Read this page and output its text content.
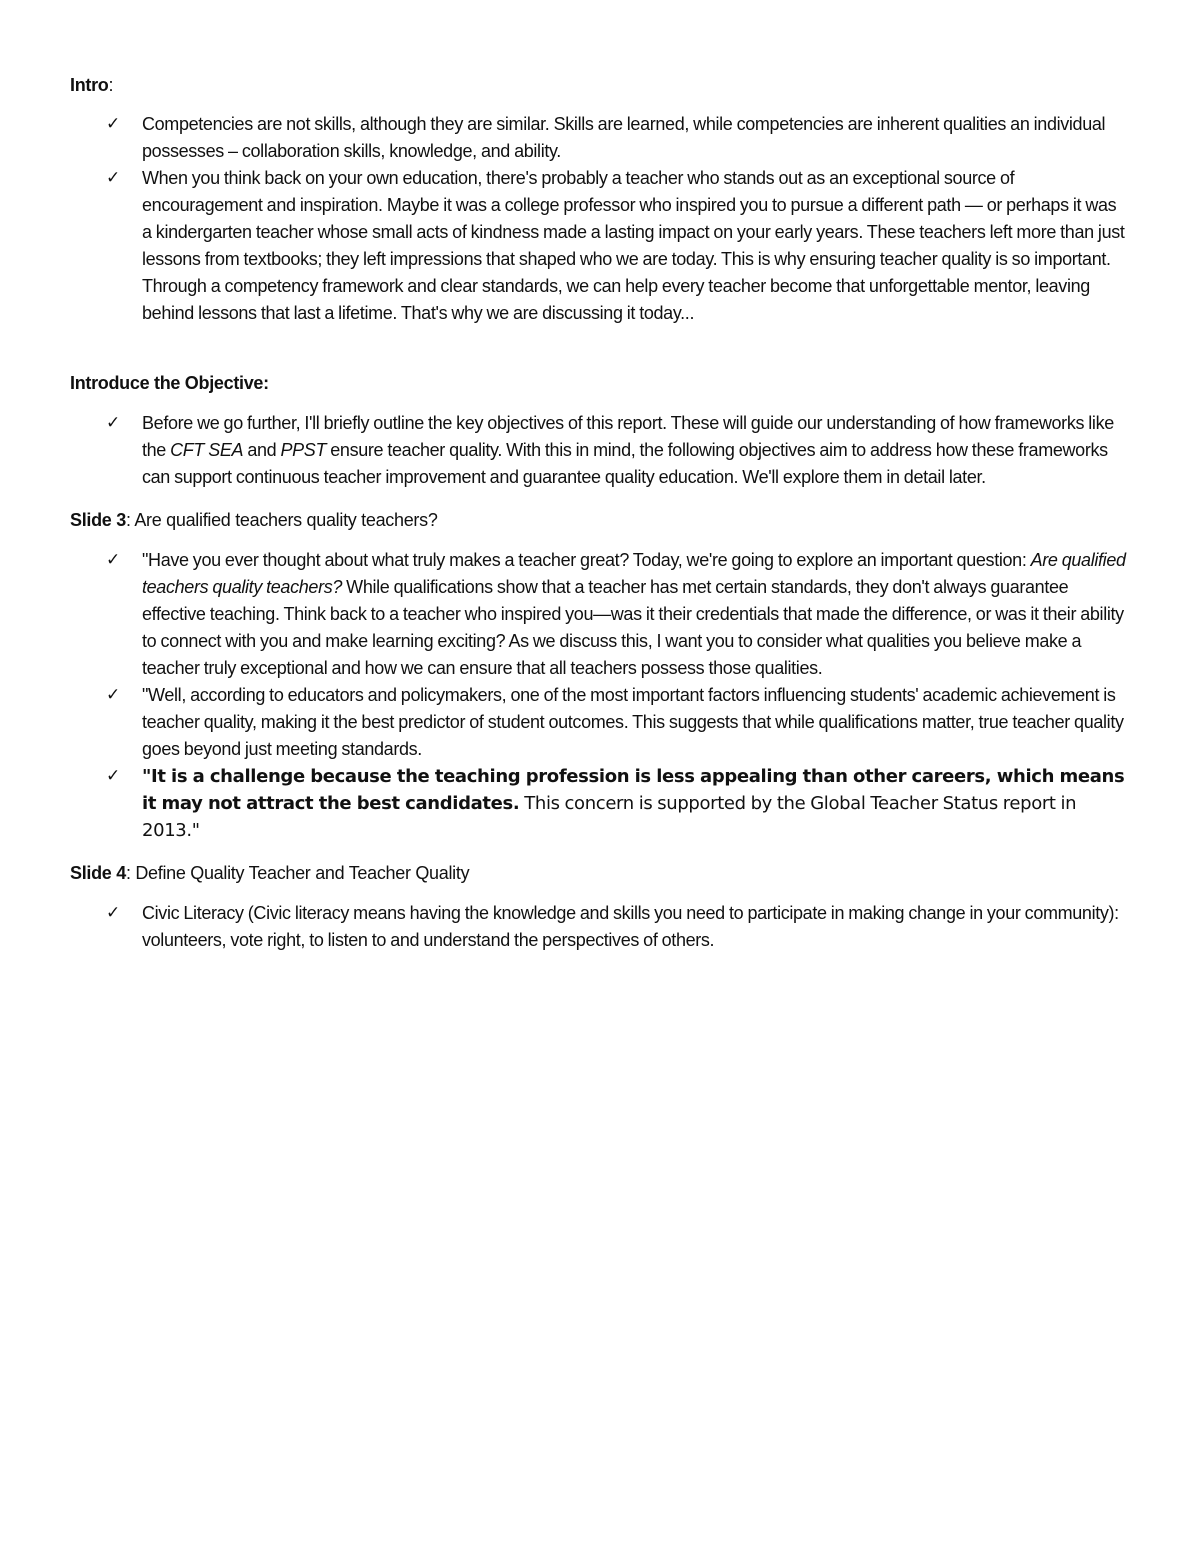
Intro:

✓ Competencies are not skills, although they are similar. Skills are learned, while competencies are inherent qualities an individual possesses – collaboration skills, knowledge, and ability.
✓ When you think back on your own education, there's probably a teacher who stands out as an exceptional source of encouragement and inspiration. Maybe it was a college professor who inspired you to pursue a different path — or perhaps it was a kindergarten teacher whose small acts of kindness made a lasting impact on your early years. These teachers left more than just lessons from textbooks; they left impressions that shaped who we are today. This is why ensuring teacher quality is so important. Through a competency framework and clear standards, we can help every teacher become that unforgettable mentor, leaving behind lessons that last a lifetime. That's why we are discussing it today...

Introduce the Objective:

✓ Before we go further, I'll briefly outline the key objectives of this report. These will guide our understanding of how frameworks like the CFT SEA and PPST ensure teacher quality. With this in mind, the following objectives aim to address how these frameworks can support continuous teacher improvement and guarantee quality education. We'll explore them in detail later.

Slide 3: Are qualified teachers quality teachers?

✓ "Have you ever thought about what truly makes a teacher great? Today, we're going to explore an important question: Are qualified teachers quality teachers? While qualifications show that a teacher has met certain standards, they don't always guarantee effective teaching. Think back to a teacher who inspired you—was it their credentials that made the difference, or was it their ability to connect with you and make learning exciting? As we discuss this, I want you to consider what qualities you believe make a teacher truly exceptional and how we can ensure that all teachers possess those qualities.
✓ "Well, according to educators and policymakers, one of the most important factors influencing students' academic achievement is teacher quality, making it the best predictor of student outcomes. This suggests that while qualifications matter, true teacher quality goes beyond just meeting standards.
✓ "It is a challenge because the teaching profession is less appealing than other careers, which means it may not attract the best candidates. This concern is supported by the Global Teacher Status report in 2013."

Slide 4: Define Quality Teacher and Teacher Quality

✓ Civic Literacy (Civic literacy means having the knowledge and skills you need to participate in making change in your community): volunteers, vote right, to listen to and understand the perspectives of others.
